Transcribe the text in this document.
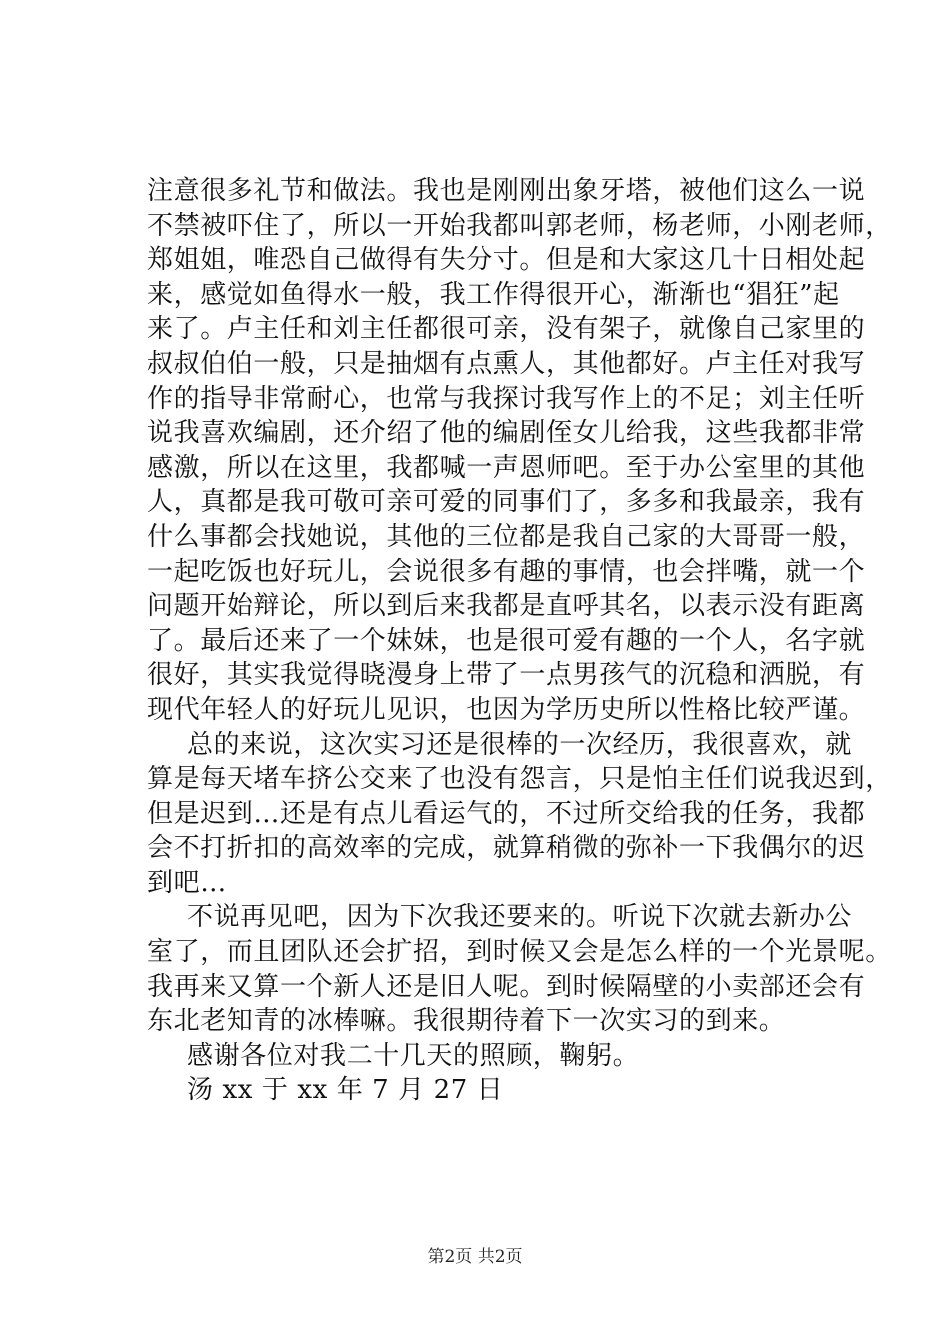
注意很多礼节和做法。我也是刚刚出象牙塔，被他们这么一说
不禁被吓住了，所以一开始我都叫郭老师，杨老师，小刚老师，
郑姐姐，唯恐自己做得有失分寸。但是和大家这几十日相处起
来，感觉如鱼得水一般，我工作得很开心，渐渐也“猖狂”起
来了。卢主任和刘主任都很可亲，没有架子，就像自己家里的
叔叔伯伯一般，只是抽烟有点熏人，其他都好。卢主任对我写
作的指导非常耐心，也常与我探讨我写作上的不足；刘主任听
说我喜欢编剧，还介绍了他的编剧侄女儿给我，这些我都非常
感激，所以在这里，我都喊一声恩师吧。至于办公室里的其他
人，真都是我可敬可亲可爱的同事们了，多多和我最亲，我有
什么事都会找她说，其他的三位都是我自己家的大哥哥一般，
一起吃饭也好玩儿，会说很多有趣的事情，也会拌嘴，就一个
问题开始辩论，所以到后来我都是直呼其名，以表示没有距离
了。最后还来了一个妹妹，也是很可爱有趣的一个人，名字就
很好，其实我觉得晓漫身上带了一点男孩气的沉稳和洒脱，有
现代年轻人的好玩儿见识，也因为学历史所以性格比较严谨。
总的来说，这次实习还是很棒的一次经历，我很喜欢，就
算是每天堵车挤公交来了也没有怨言，只是怕主任们说我迟到，
但是迟到…还是有点儿看运气的，不过所交给我的任务，我都
会不打折扣的高效率的完成，就算稍微的弥补一下我偶尔的迟
到吧…
不说再见吧，因为下次我还要来的。听说下次就去新办公
室了，而且团队还会扩招，到时候又会是怎么样的一个光景呢。
我再来又算一个新人还是旧人呢。到时候隔壁的小卖部还会有
东北老知青的冰棒嘛。我很期待着下一次实习的到来。
感谢各位对我二十几天的照顾，鞠躬。
汤 xx 于 xx 年 7 月 27 日
第2页 共2页
